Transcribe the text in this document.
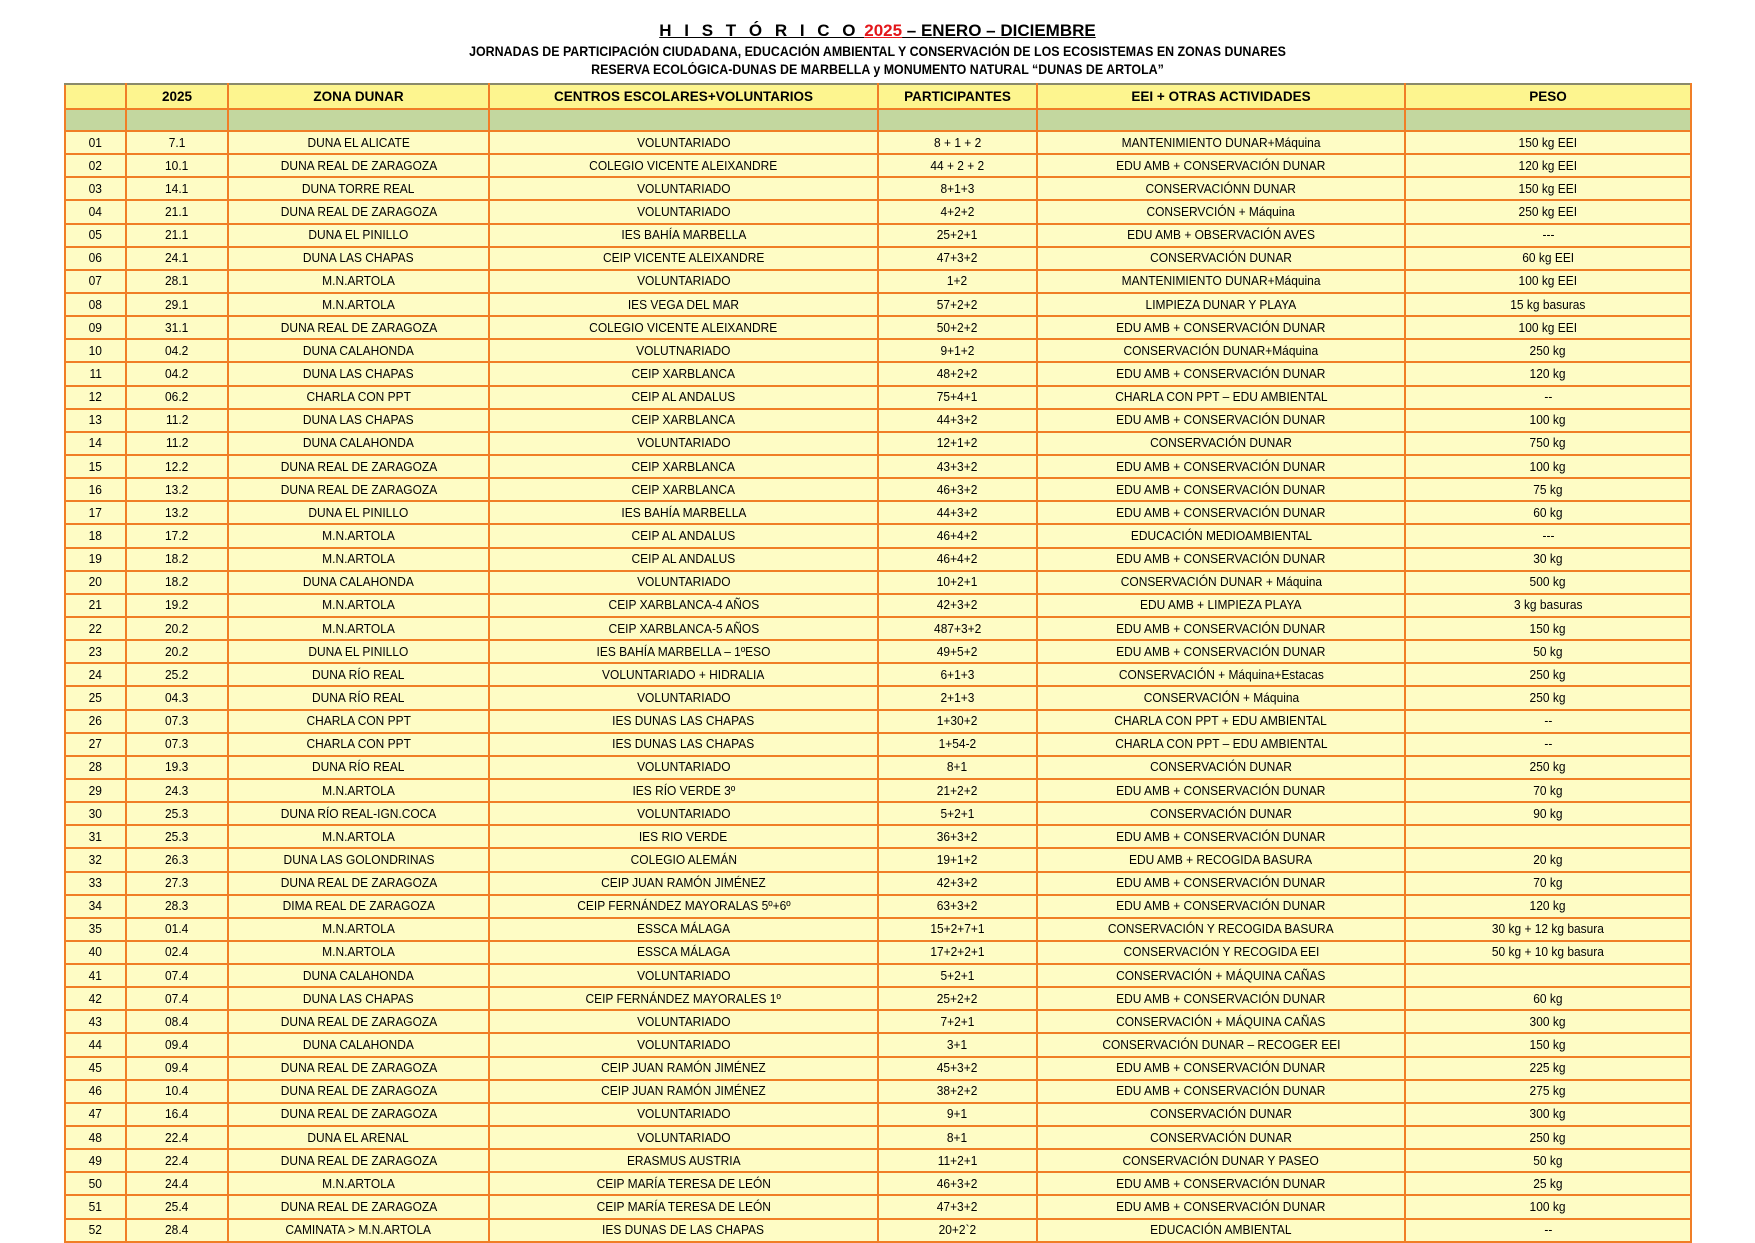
H I S T Ó R I C O 2025 – ENERO – DICIEMBRE
JORNADAS DE PARTICIPACIÓN CIUDADANA, EDUCACIÓN AMBIENTAL Y CONSERVACIÓN DE LOS ECOSISTEMAS EN ZONAS DUNARES
RESERVA ECOLÓGICA-DUNAS DE MARBELLA y MONUMENTO NATURAL “DUNAS DE ARTOLA”
	2025	ZONA DUNAR	CENTROS ESCOLARES+VOLUNTARIOS	PARTICIPANTES	EEI + OTRAS ACTIVIDADES	PESO

01	7.1	DUNA EL ALICATE	VOLUNTARIADO	8 + 1 + 2	MANTENIMIENTO DUNAR+Máquina	150 kg EEI
02	10.1	DUNA REAL DE ZARAGOZA	COLEGIO VICENTE ALEIXANDRE	44 + 2 + 2	EDU AMB + CONSERVACIÓN DUNAR	120 kg EEI
03	14.1	DUNA TORRE REAL	VOLUNTARIADO	8+1+3	CONSERVACIÓNN DUNAR	150 kg EEI
04	21.1	DUNA REAL DE ZARAGOZA	VOLUNTARIADO	4+2+2	CONSERVCIÓN + Máquina	250 kg EEI
05	21.1	DUNA EL PINILLO	IES BAHÍA MARBELLA	25+2+1	EDU AMB + OBSERVACIÓN AVES	---
06	24.1	DUNA LAS CHAPAS	CEIP VICENTE ALEIXANDRE	47+3+2	CONSERVACIÓN DUNAR	60 kg EEI
07	28.1	M.N.ARTOLA	VOLUNTARIADO	1+2	MANTENIMIENTO DUNAR+Máquina	100 kg EEI
08	29.1	M.N.ARTOLA	IES VEGA DEL MAR	57+2+2	LIMPIEZA DUNAR Y PLAYA	15 kg basuras
09	31.1	DUNA REAL DE ZARAGOZA	COLEGIO VICENTE ALEIXANDRE	50+2+2	EDU AMB + CONSERVACIÓN DUNAR	100 kg EEI
10	04.2	DUNA CALAHONDA	VOLUTNARIADO	9+1+2	CONSERVACIÓN DUNAR+Máquina	250 kg
11	04.2	DUNA LAS CHAPAS	CEIP XARBLANCA	48+2+2	EDU AMB + CONSERVACIÓN DUNAR	120 kg
12	06.2	CHARLA CON PPT	CEIP AL ANDALUS	75+4+1	CHARLA CON PPT – EDU AMBIENTAL	--
13	11.2	DUNA LAS CHAPAS	CEIP XARBLANCA	44+3+2	EDU AMB + CONSERVACIÓN DUNAR	100 kg
14	11.2	DUNA CALAHONDA	VOLUNTARIADO	12+1+2	CONSERVACIÓN DUNAR	750 kg
15	12.2	DUNA REAL DE ZARAGOZA	CEIP XARBLANCA	43+3+2	EDU AMB + CONSERVACIÓN DUNAR	100 kg
16	13.2	DUNA REAL DE ZARAGOZA	CEIP XARBLANCA	46+3+2	EDU AMB + CONSERVACIÓN DUNAR	75 kg
17	13.2	DUNA EL PINILLO	IES BAHÍA MARBELLA	44+3+2	EDU AMB + CONSERVACIÓN DUNAR	60 kg
18	17.2	M.N.ARTOLA	CEIP AL ANDALUS	46+4+2	EDUCACIÓN MEDIOAMBIENTAL	---
19	18.2	M.N.ARTOLA	CEIP AL ANDALUS	46+4+2	EDU AMB + CONSERVACIÓN DUNAR	30 kg
20	18.2	DUNA CALAHONDA	VOLUNTARIADO	10+2+1	CONSERVACIÓN DUNAR + Máquina	500 kg
21	19.2	M.N.ARTOLA	CEIP XARBLANCA-4 AÑOS	42+3+2	EDU AMB + LIMPIEZA PLAYA	3 kg basuras
22	20.2	M.N.ARTOLA	CEIP XARBLANCA-5 AÑOS	487+3+2	EDU AMB + CONSERVACIÓN DUNAR	150 kg
23	20.2	DUNA EL PINILLO	IES BAHÍA MARBELLA – 1ºESO	49+5+2	EDU AMB + CONSERVACIÓN DUNAR	50 kg
24	25.2	DUNA RÍO REAL	VOLUNTARIADO + HIDRALIA	6+1+3	CONSERVACIÓN + Máquina+Estacas	250 kg
25	04.3	DUNA RÍO REAL	VOLUNTARIADO	2+1+3	CONSERVACIÓN + Máquina	250 kg
26	07.3	CHARLA CON PPT	IES DUNAS LAS CHAPAS	1+30+2	CHARLA CON PPT + EDU AMBIENTAL	--
27	07.3	CHARLA CON PPT	IES DUNAS LAS CHAPAS	1+54-2	CHARLA CON PPT – EDU AMBIENTAL	--
28	19.3	DUNA RÍO REAL	VOLUNTARIADO	8+1	CONSERVACIÓN DUNAR	250 kg
29	24.3	M.N.ARTOLA	IES RÍO VERDE 3º	21+2+2	EDU AMB + CONSERVACIÓN DUNAR	70 kg
30	25.3	DUNA RÍO REAL-IGN.COCA	VOLUNTARIADO	5+2+1	CONSERVACIÓN DUNAR	90 kg
31	25.3	M.N.ARTOLA	IES RIO VERDE	36+3+2	EDU AMB + CONSERVACIÓN DUNAR	
32	26.3	DUNA LAS GOLONDRINAS	COLEGIO ALEMÁN	19+1+2	EDU AMB + RECOGIDA BASURA	20 kg
33	27.3	DUNA REAL DE ZARAGOZA	CEIP JUAN RAMÓN JIMÉNEZ	42+3+2	EDU AMB + CONSERVACIÓN DUNAR	70 kg
34	28.3	DIMA REAL DE ZARAGOZA	CEIP FERNÁNDEZ MAYORALAS 5º+6º	63+3+2	EDU AMB + CONSERVACIÓN DUNAR	120 kg
35	01.4	M.N.ARTOLA	ESSCA MÁLAGA	15+2+7+1	CONSERVACIÓN Y RECOGIDA BASURA	30 kg + 12 kg basura
40	02.4	M.N.ARTOLA	ESSCA MÁLAGA	17+2+2+1	CONSERVACIÓN Y RECOGIDA EEI	50 kg + 10 kg basura
41	07.4	DUNA CALAHONDA	VOLUNTARIADO	5+2+1	CONSERVACIÓN + MÁQUINA CAÑAS	
42	07.4	DUNA LAS CHAPAS	CEIP FERNÁNDEZ MAYORALES 1º	25+2+2	EDU AMB + CONSERVACIÓN DUNAR	60 kg
43	08.4	DUNA REAL DE ZARAGOZA	VOLUNTARIADO	7+2+1	CONSERVACIÓN + MÁQUINA CAÑAS	300 kg
44	09.4	DUNA CALAHONDA	VOLUNTARIADO	3+1	CONSERVACIÓN DUNAR – RECOGER EEI	150 kg
45	09.4	DUNA REAL DE ZARAGOZA	CEIP JUAN RAMÓN JIMÉNEZ	45+3+2	EDU AMB + CONSERVACIÓN DUNAR	225 kg
46	10.4	DUNA REAL DE ZARAGOZA	CEIP JUAN RAMÓN JIMÉNEZ	38+2+2	EDU AMB + CONSERVACIÓN DUNAR	275 kg
47	16.4	DUNA REAL DE ZARAGOZA	VOLUNTARIADO	9+1	CONSERVACIÓN DUNAR	300 kg
48	22.4	DUNA EL ARENAL	VOLUNTARIADO	8+1	CONSERVACIÓN DUNAR	250 kg
49	22.4	DUNA REAL DE ZARAGOZA	ERASMUS AUSTRIA	11+2+1	CONSERVACIÓN DUNAR Y PASEO	50 kg
50	24.4	M.N.ARTOLA	CEIP MARÍA TERESA DE LEÓN	46+3+2	EDU AMB + CONSERVACIÓN DUNAR	25 kg
51	25.4	DUNA REAL DE ZARAGOZA	CEIP MARÍA TERESA DE LEÓN	47+3+2	EDU AMB + CONSERVACIÓN DUNAR	100 kg
52	28.4	CAMINATA > M.N.ARTOLA	IES DUNAS DE LAS CHAPAS	20+2`2	EDUCACIÓN AMBIENTAL	--
